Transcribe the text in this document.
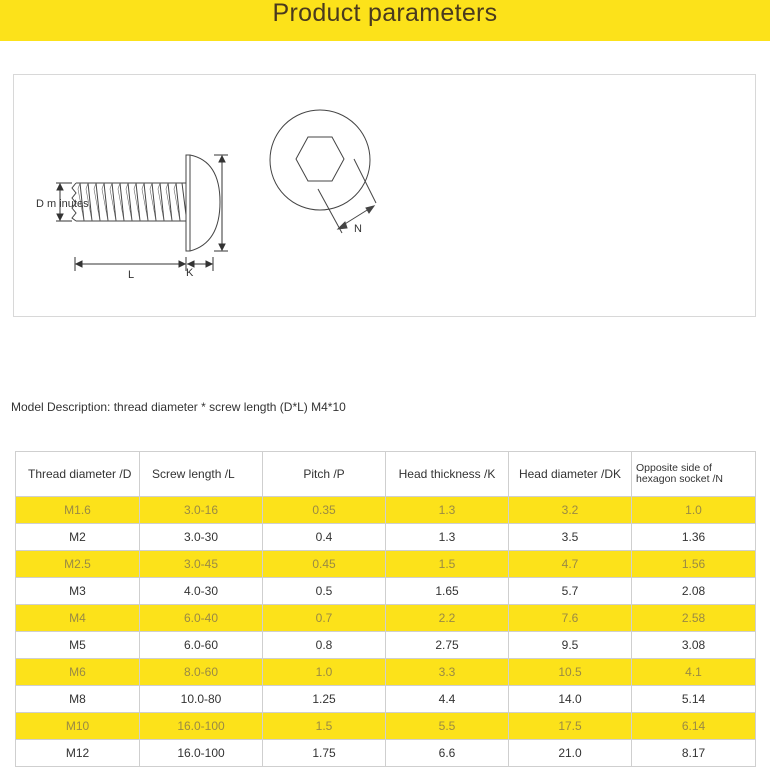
Product parameters
D m inutes
L	K
N
Model Description: thread diameter * screw length (D*L) M4*10
Thread diameter /D	Screw length /L	Pitch /P	Head thickness /K	Head diameter /DK	Opposite side of hexagon socket /N
M1.6	3.0-16	0.35	1.3	3.2	1.0
M2	3.0-30	0.4	1.3	3.5	1.36
M2.5	3.0-45	0.45	1.5	4.7	1.56
M3	4.0-30	0.5	1.65	5.7	2.08
M4	6.0-40	0.7	2.2	7.6	2.58
M5	6.0-60	0.8	2.75	9.5	3.08
M6	8.0-60	1.0	3.3	10.5	4.1
M8	10.0-80	1.25	4.4	14.0	5.14
M10	16.0-100	1.5	5.5	17.5	6.14
M12	16.0-100	1.75	6.6	21.0	8.17
